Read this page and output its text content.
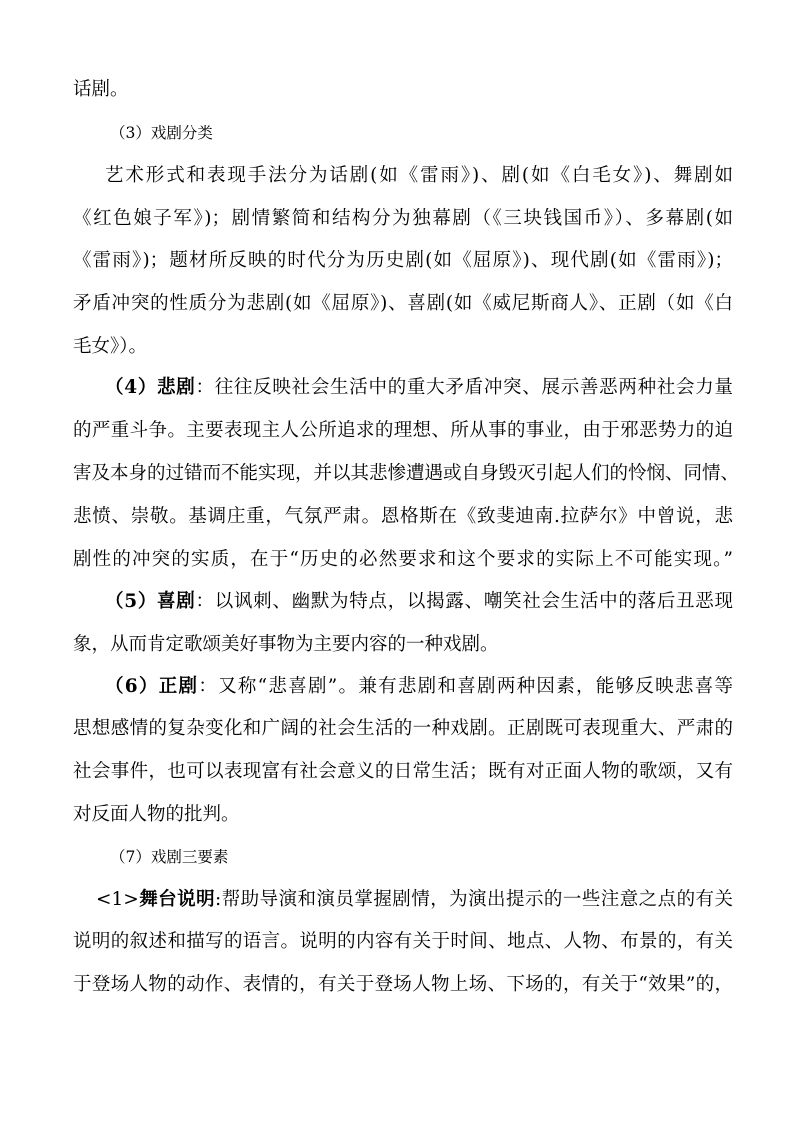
话剧。
（3）戏剧分类
艺术形式和表现手法分为话剧(如《雷雨》)、剧(如《白毛女》)、舞剧如
《红色娘子军》)；剧情繁简和结构分为独幕剧（《三块钱国币》）、多幕剧(如
《雷雨》)；题材所反映的时代分为历史剧(如《屈原》)、现代剧(如《雷雨》)；
矛盾冲突的性质分为悲剧(如《屈原》)、喜剧(如《威尼斯商人》、正剧（如《白
毛女》）。
（4）悲剧：往往反映社会生活中的重大矛盾冲突、展示善恶两种社会力量
的严重斗争。主要表现主人公所追求的理想、所从事的事业，由于邪恶势力的迫
害及本身的过错而不能实现，并以其悲惨遭遇或自身毁灭引起人们的怜悯、同情、
悲愤、崇敬。基调庄重，气氛严肃。恩格斯在《致斐迪南.拉萨尔》中曾说，悲
剧性的冲突的实质，在于“历史的必然要求和这个要求的实际上不可能实现。”
（5）喜剧：以讽刺、幽默为特点，以揭露、嘲笑社会生活中的落后丑恶现
象，从而肯定歌颂美好事物为主要内容的一种戏剧。
（6）正剧：又称“悲喜剧”。兼有悲剧和喜剧两种因素，能够反映悲喜等
思想感情的复杂变化和广阔的社会生活的一种戏剧。正剧既可表现重大、严肃的
社会事件，也可以表现富有社会意义的日常生活；既有对正面人物的歌颂，又有
对反面人物的批判。
（7）戏剧三要素
<1>舞台说明:帮助导演和演员掌握剧情，为演出提示的一些注意之点的有关
说明的叙述和描写的语言。说明的内容有关于时间、地点、人物、布景的，有关
于登场人物的动作、表情的，有关于登场人物上场、下场的，有关于“效果”的，
